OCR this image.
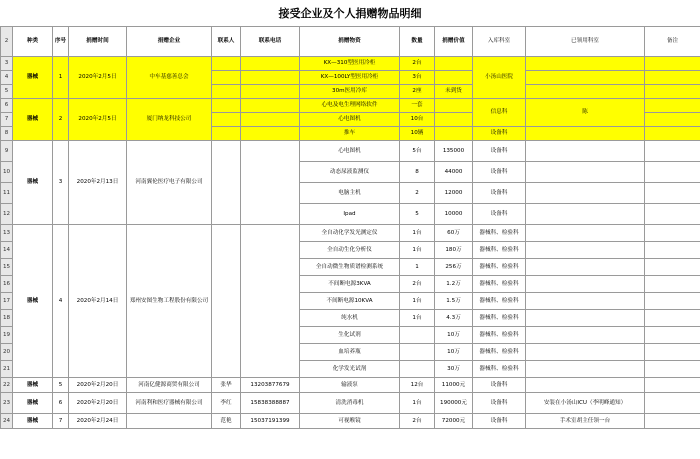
接受企业及个人捐赠物品明细
2	种类	序号	捐赠时间	捐赠企业	联系人	联系电话	捐赠物资	数量	捐赠价值	入库科室	已领用科室	备注
3	器械	1	2020年2月5日	中车基慈善总会			KX—310型医用冷柜	2台		小汤山医院		
4							KX—100LY型医用冷柜	3台				
5							30m医用冷库	2座	未到货			
6	器械	2	2020年2月5日	厦门纳龙科技公司			心电及电生理网络软件	一套		信息科	陈	
7							心电图机	10台				
8							推车	10辆		设备科		
9	器械	3	2020年2月13日	河南翼伦医疗电子有限公司			心电图机	5台	135000	设备科		
10							动态尿液监测仪	8	44000	设备科		
11							电脑主机	2	12000	设备科		
12							Ipad	5	10000	设备科		
13	器械	4	2020年2月14日	郑州安图生物工程股份有限公司			全自动化学发光测定仪	1台	60万	器械科、检验科		
14							全自动生化分析仪	1台	180万	器械科、检验科		
15							全自动微生物质谱检测系统	1	256万	器械科、检验科		
16							不间断电源3KVA	2台	1.2万	器械科、检验科		
17							不间断电源10KVA	1台	1.5万	器械科、检验科		
18							纯水机	1台	4.3万	器械科、检验科		
19							生化试剂		10万	器械科、检验科		
20							血培养瓶		10万	器械科、检验科		
21							化学发光试剂		30万	器械科、检验科		
22	器械	5	2020年2月20日	河南亿健源商贸有限公司	张华	13203877679	输液泵	12台	11000元	设备科		
23	器械	6	2020年2月20日	河南利和医疗器械有限公司	李红	15838388887	清洗消毒机	1台	190000元	设备科	安装在小汤山ICU（李明峰通知）	
24	器械	7	2020年2月24日		范艳	15037191399	可视喉镜	2台	72000元	设备科	手术室胡主任领一台	
